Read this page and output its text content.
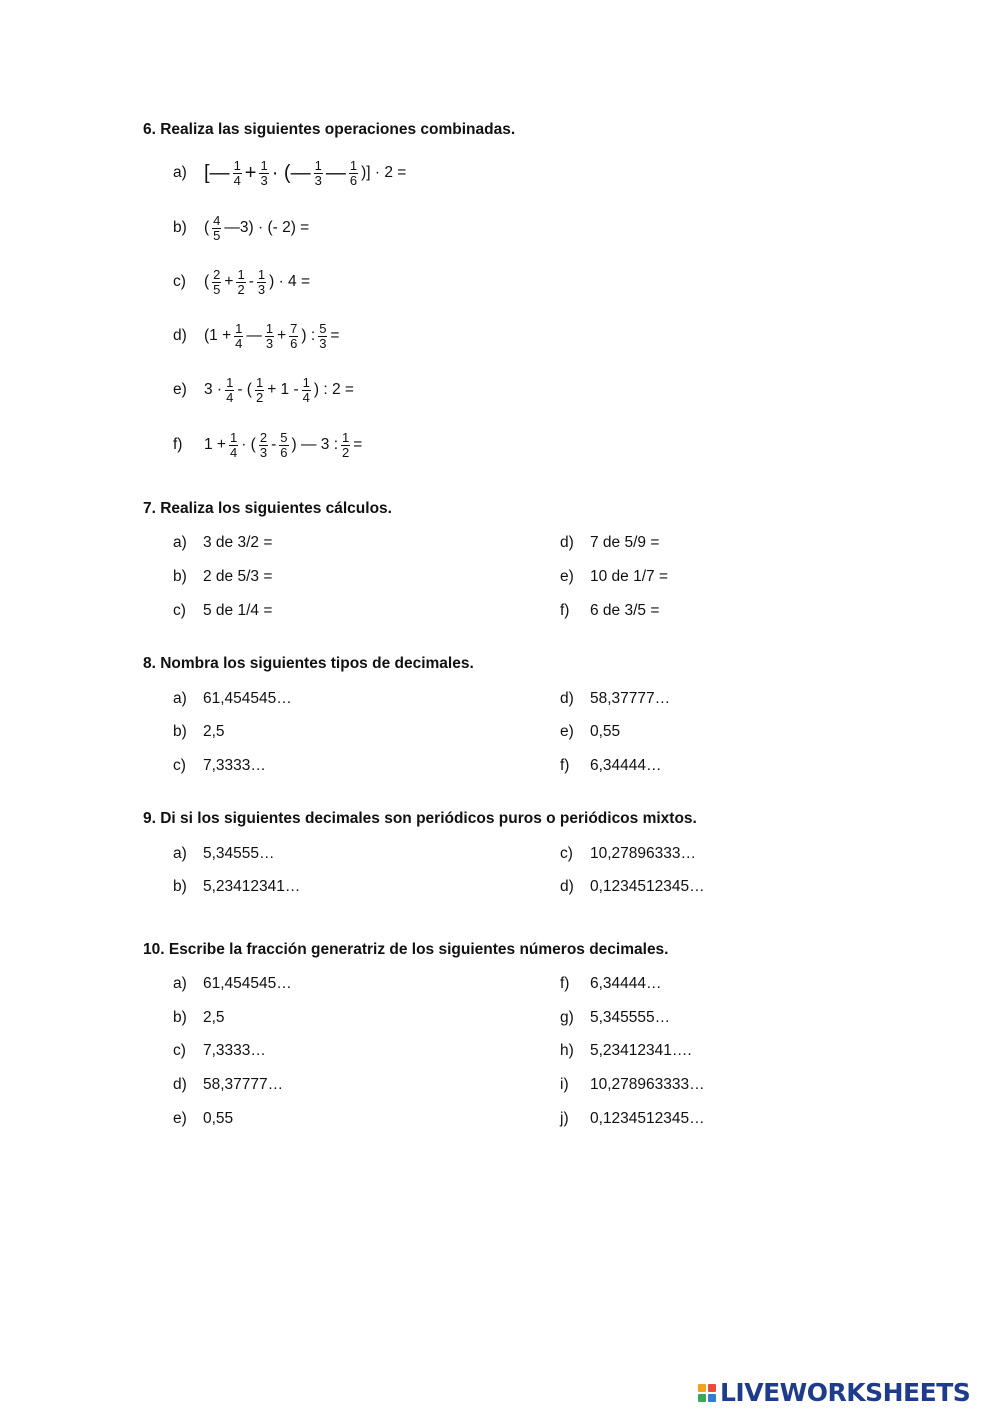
6. Realiza las siguientes operaciones combinadas.
a) [— $\frac{1}{4} + \frac{1}{3}$ · (— $\frac{1}{3}$ — $\frac{1}{6}$ )] · 2 =
b) ( $\frac{4}{5}$ —3) · (- 2) =
c) ( $\frac{2}{5} + \frac{1}{2} - \frac{1}{3}$ ) · 4 =
d) ($1 + \frac{1}{4}$ — $\frac{1}{3} + \frac{7}{6}$ ) : $\frac{5}{3}$ =
e) $3 \cdot \frac{1}{4}$ - ( $\frac{1}{2} + 1 - \frac{1}{4}$ ) : 2 =
f) $1 + \frac{1}{4}$ · ( $\frac{2}{3} - \frac{5}{6}$ ) — 3 : $\frac{1}{2}$ =
7. Realiza los siguientes cálculos.
a) 3 de 3/2 =
b) 2 de 5/3 =
c) 5 de 1/4 =
d) 7 de 5/9 =
e) 10 de 1/7 =
f) 6 de 3/5 =
8. Nombra los siguientes tipos de decimales.
a) 61,454545…
b) 2,5
c) 7,3333…
d) 58,37777…
e) 0,55
f) 6,34444…
9. Di si los siguientes decimales son periódicos puros o periódicos mixtos.
a) 5,34555…
b) 5,23412341…
c) 10,27896333…
d) 0,1234512345…
10. Escribe la fracción generatriz de los siguientes números decimales.
a) 61,454545…
b) 2,5
c) 7,3333…
d) 58,37777…
e) 0,55
f) 6,34444…
g) 5,345555…
h) 5,23412341….
i) 10,278963333…
j) 0,1234512345…
LIVEWORKSHEETS
